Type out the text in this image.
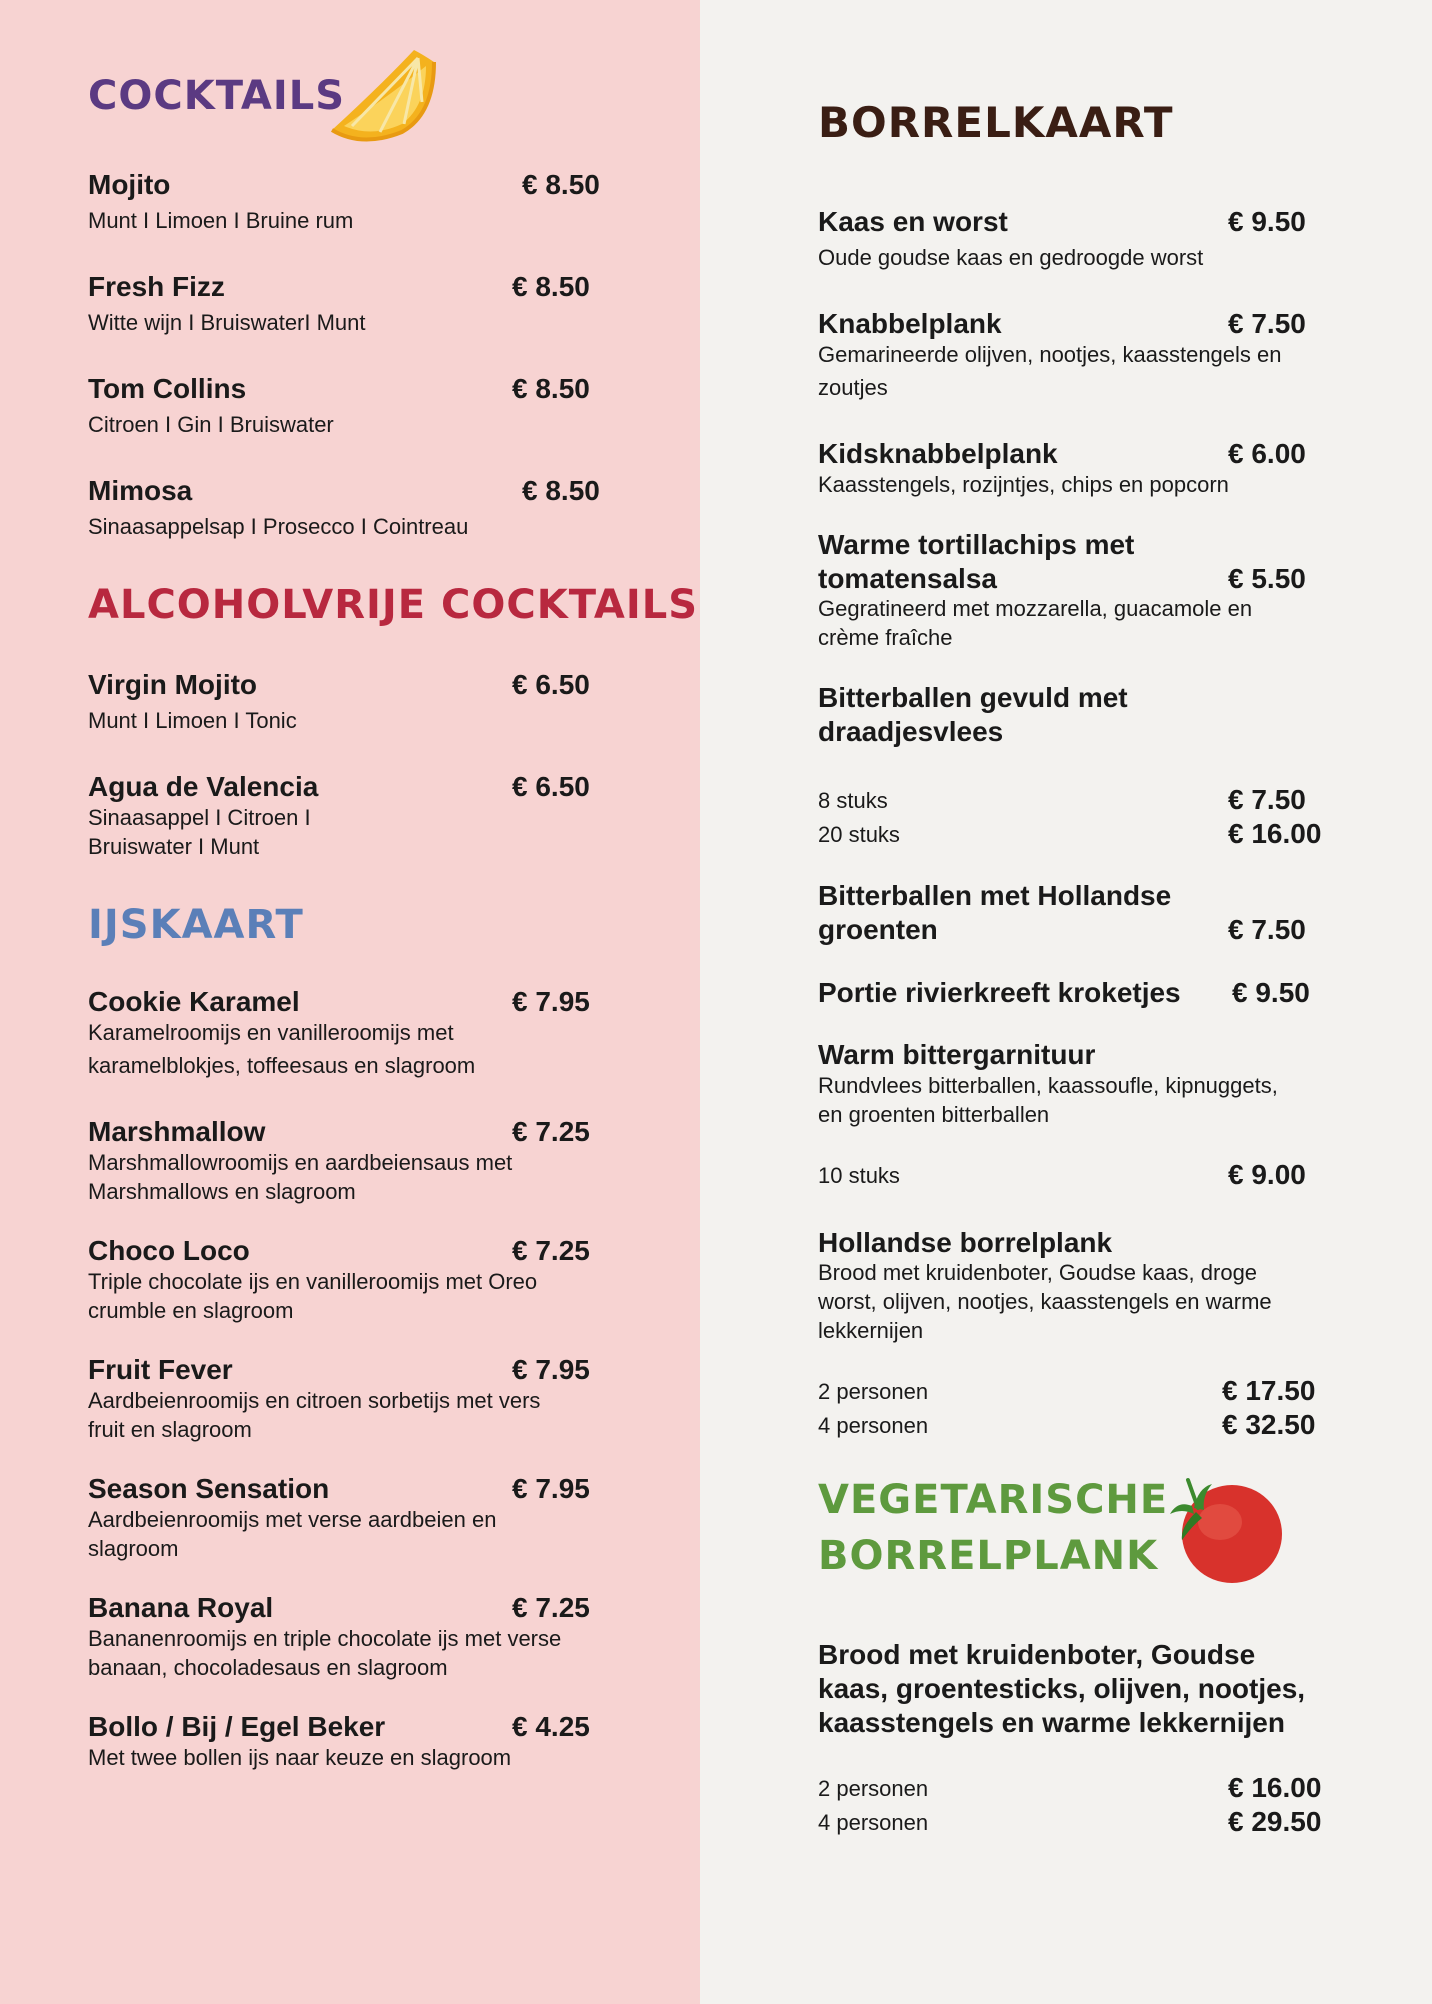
COCKTAILS
Mojito	€ 8.50
Munt I Limoen I Bruine rum
Fresh Fizz	€ 8.50
Witte wijn I BruiswaterI Munt
Tom Collins	€ 8.50
Citroen I Gin I Bruiswater
Mimosa	€ 8.50
Sinaasappelsap I Prosecco I Cointreau
ALCOHOLVRIJE COCKTAILS
Virgin Mojito	€ 6.50
Munt I Limoen I Tonic
Agua de Valencia	€ 6.50
Sinaasappel I Citroen I
Bruiswater I Munt
IJSKAART
Cookie Karamel	€ 7.95
Karamelroomijs en vanilleroomijs met
karamelblokjes, toffeesaus en slagroom
Marshmallow	€ 7.25
Marshmallowroomijs en aardbeiensaus met
Marshmallows en slagroom
Choco Loco	€ 7.25
Triple chocolate ijs en vanilleroomijs met Oreo
crumble en slagroom
Fruit Fever	€ 7.95
Aardbeienroomijs en citroen sorbetijs met vers
fruit en slagroom
Season Sensation	€ 7.95
Aardbeienroomijs met verse aardbeien en
slagroom
Banana Royal	€ 7.25
Bananenroomijs en triple chocolate ijs met verse
banaan, chocoladesaus en slagroom
Bollo / Bij / Egel Beker	€ 4.25
Met twee bollen ijs naar keuze en slagroom
BORRELKAART
Kaas en worst	€ 9.50
Oude goudse kaas en gedroogde worst
Knabbelplank	€ 7.50
Gemarineerde olijven, nootjes, kaasstengels en
zoutjes
Kidsknabbelplank	€ 6.00
Kaasstengels, rozijntjes, chips en popcorn
Warme tortillachips met
tomatensalsa	€ 5.50
Gegratineerd met mozzarella, guacamole en
crème fraîche
Bitterballen gevuld met
draadjesvlees
8 stuks	€ 7.50
20 stuks	€ 16.00
Bitterballen met Hollandse
groenten	€ 7.50
Portie rivierkreeft kroketjes € 9.50
Warm bittergarnituur
Rundvlees bitterballen, kaassoufle, kipnuggets,
en groenten bitterballen
10 stuks	€ 9.00
Hollandse borrelplank
Brood met kruidenboter, Goudse kaas, droge
worst, olijven, nootjes, kaasstengels en warme
lekkernijen
2 personen	€ 17.50
4 personen	€ 32.50
VEGETARISCHE
BORRELPLANK
Brood met kruidenboter, Goudse
kaas, groentesticks, olijven, nootjes,
kaasstengels en warme lekkernijen
2 personen	€ 16.00
4 personen	€ 29.50
